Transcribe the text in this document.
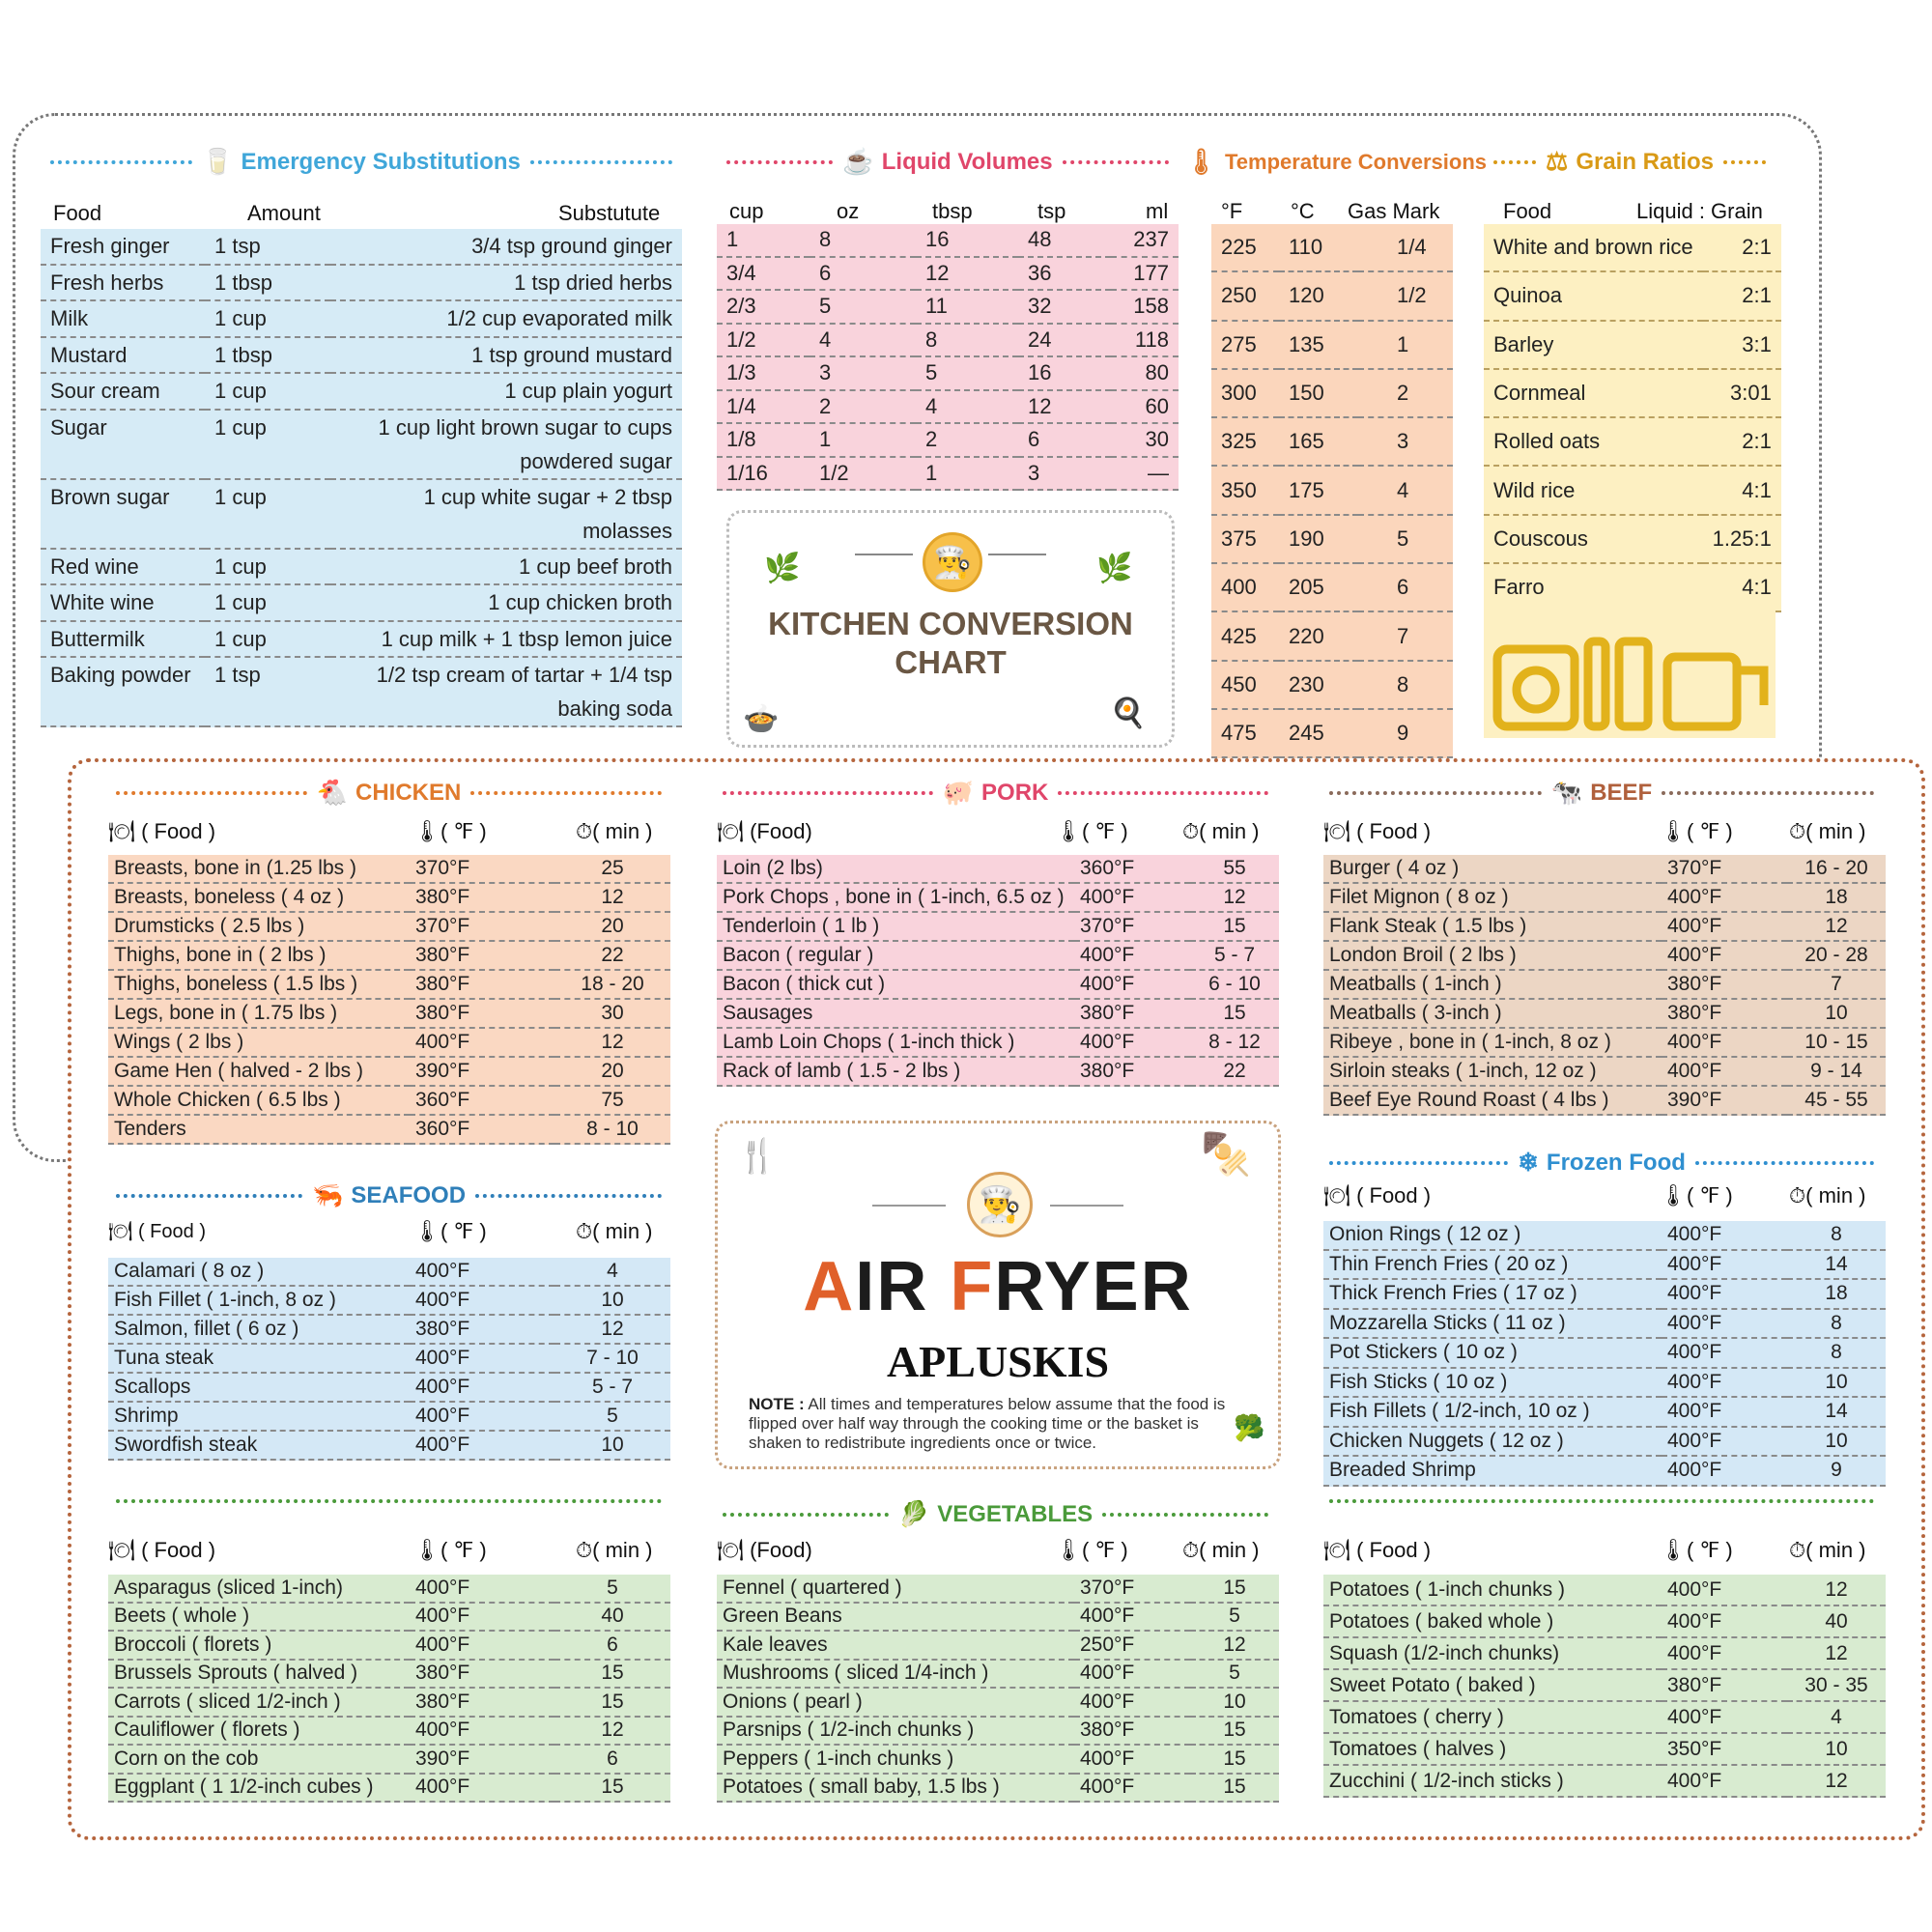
🥛 Emergency Substitutions
Food	Amount	Substutute
Fresh ginger	1 tsp	3/4 tsp ground ginger
Fresh herbs	1 tbsp	1 tsp dried herbs
Milk	1 cup	1/2 cup evaporated milk
Mustard	1 tbsp	1 tsp ground mustard
Sour cream	1 cup	1 cup plain yogurt
Sugar	1 cup	1 cup light brown sugar to cups powdered sugar
Brown sugar	1 cup	1 cup white sugar + 2 tbsp molasses
Red wine	1 cup	1 cup beef broth
White wine	1 cup	1 cup chicken broth
Buttermilk	1 cup	1 cup milk + 1 tbsp lemon juice
Baking powder	1 tsp	1/2 tsp cream of tartar + 1/4 tsp baking soda
☕ Liquid Volumes
cup	oz	tbsp	tsp	ml
1	8	16	48	237
3/4	6	12	36	177
2/3	5	11	32	158
1/2	4	8	24	118
1/3	3	5	16	80
1/4	2	4	12	60
1/8	1	2	6	30
1/16	1/2	1	3	—
👨‍🍳
🌿	🌿
KITCHEN CONVERSION
CHART
🍲	🍳
🌡 Temperature Conversions
°F °C Gas Mark
225	110	1/4
250	120	1/2
275	135	1
300	150	2
325	165	3
350	175	4
375	190	5
400	205	6
425	220	7
450	230	8
475	245	9
⚖ Grain Ratios
Food	Liquid : Grain
White and brown rice	2:1
Quinoa	2:1
Barley	3:1
Cornmeal	3:01
Rolled oats	2:1
Wild rice	4:1
Couscous	1.25:1
Farro	4:1
🐔 CHICKEN
🍽 ( Food )	🌡( ℉ )	⏱( min )
Breasts, bone in (1.25 lbs )	370°F	25
Breasts, boneless ( 4 oz )	380°F	12
Drumsticks ( 2.5 lbs )	370°F	20
Thighs, bone in ( 2 lbs )	380°F	22
Thighs, boneless ( 1.5 lbs )	380°F	18 - 20
Legs, bone in ( 1.75 lbs )	380°F	30
Wings ( 2 lbs )	400°F	12
Game Hen ( halved - 2 lbs )	390°F	20
Whole Chicken ( 6.5 lbs )	360°F	75
Tenders	360°F	8 - 10
🐖 PORK
🍽 (Food)	🌡( ℉ )	⏱( min )
Loin (2 lbs)	360°F	55
Pork Chops , bone in ( 1-inch, 6.5 oz )	400°F	12
Tenderloin ( 1 lb )	370°F	15
Bacon ( regular )	400°F	5 - 7
Bacon ( thick cut )	400°F	6 - 10
Sausages	380°F	15
Lamb Loin Chops ( 1-inch thick )	400°F	8 - 12
Rack of lamb ( 1.5 - 2 lbs )	380°F	22
🐄 BEEF
🍽 ( Food )	🌡( ℉ )	⏱( min )
Burger ( 4 oz )	370°F	16 - 20
Filet Mignon ( 8 oz )	400°F	18
Flank Steak ( 1.5 lbs )	400°F	12
London Broil ( 2 lbs )	400°F	20 - 28
Meatballs ( 1-inch )	380°F	7
Meatballs ( 3-inch )	380°F	10
Ribeye , bone in ( 1-inch, 8 oz )	400°F	10 - 15
Sirloin steaks ( 1-inch, 12 oz )	400°F	9 - 14
Beef Eye Round Roast ( 4 lbs )	390°F	45 - 55
🦐 SEAFOOD
🍽 ( Food )	🌡( ℉ )	⏱( min )
Calamari ( 8 oz )	400°F	4
Fish Fillet ( 1-inch, 8 oz )	400°F	10
Salmon, fillet ( 6 oz )	380°F	12
Tuna steak	400°F	7 - 10
Scallops	400°F	5 - 7
Shrimp	400°F	5
Swordfish steak	400°F	10
🍴	🍢
👨‍🍳
AIR FRYER
APLUSKIS
🥦
NOTE : All times and temperatures below assume that the food is flipped over half way through the cooking time or the basket is shaken to redistribute ingredients once or twice.
❄ Frozen Food
🍽 ( Food )	🌡( ℉ )	⏱( min )
Onion Rings ( 12 oz )	400°F	8
Thin French Fries ( 20 oz )	400°F	14
Thick French Fries ( 17 oz )	400°F	18
Mozzarella Sticks ( 11 oz )	400°F	8
Pot Stickers ( 10 oz )	400°F	8
Fish Sticks ( 10 oz )	400°F	10
Fish Fillets ( 1/2-inch, 10 oz )	400°F	14
Chicken Nuggets ( 12 oz )	400°F	10
Breaded Shrimp	400°F	9
🥬 VEGETABLES
🍽 ( Food )	🌡( ℉ )	⏱( min )
Asparagus (sliced 1-inch)	400°F	5
Beets ( whole )	400°F	40
Broccoli ( florets )	400°F	6
Brussels Sprouts ( halved )	380°F	15
Carrots ( sliced 1/2-inch )	380°F	15
Cauliflower ( florets )	400°F	12
Corn on the cob	390°F	6
Eggplant ( 1 1/2-inch cubes )	400°F	15
🍽 (Food)	🌡( ℉ )	⏱( min )
Fennel ( quartered )	370°F	15
Green Beans	400°F	5
Kale leaves	250°F	12
Mushrooms ( sliced 1/4-inch )	400°F	5
Onions ( pearl )	400°F	10
Parsnips ( 1/2-inch chunks )	380°F	15
Peppers ( 1-inch chunks )	400°F	15
Potatoes ( small baby, 1.5 lbs )	400°F	15
🍽 ( Food )	🌡( ℉ )	⏱( min )
Potatoes ( 1-inch chunks )	400°F	12
Potatoes ( baked whole )	400°F	40
Squash (1/2-inch chunks)	400°F	12
Sweet Potato ( baked )	380°F	30 - 35
Tomatoes ( cherry )	400°F	4
Tomatoes ( halves )	350°F	10
Zucchini ( 1/2-inch sticks )	400°F	12
